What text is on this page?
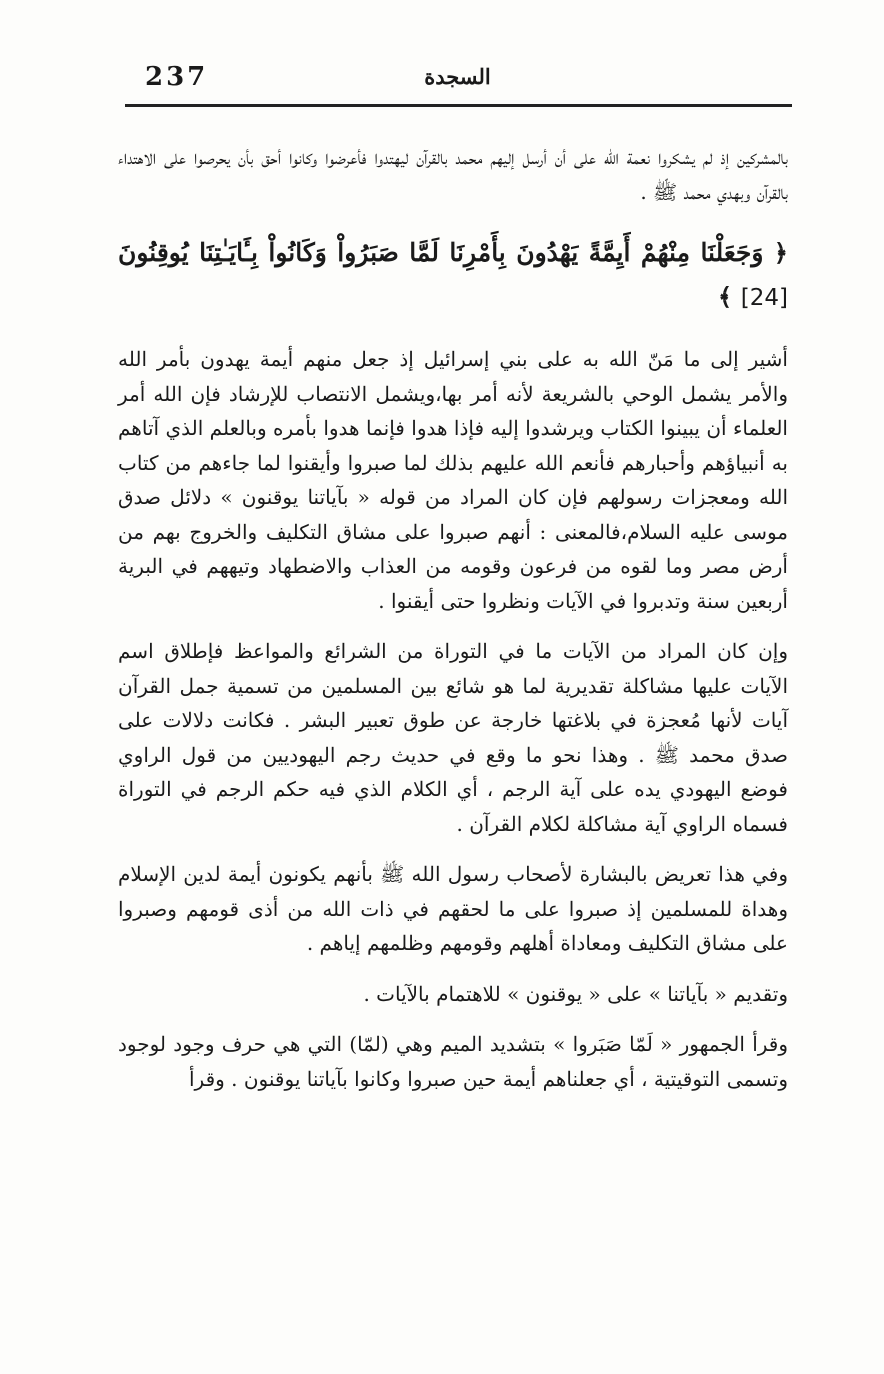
237	السجدة

بالمشركين إذ لم يشكروا نعمة الله على أن أرسل إليهم محمد بالقرآن ليهتدوا فأعرضوا وكانوا أحق بأن يحرصوا على الاهتداء بالقرآن وبهدي محمد ﷺ .

﴿ وَجَعَلْنَا مِنْهُمْ أَيِمَّةً يَهْدُونَ بِأَمْرِنَا لَمَّا صَبَرُواْ وَكَانُواْ بِـَٔايَـٰتِنَا يُوقِنُونَ [24] ﴾

أشير إلى ما مَنّ الله به على بني إسرائيل إذ جعل منهم أيمة يهدون بأمر الله والأمر يشمل الوحي بالشريعة لأنه أمر بها،ويشمل الانتصاب للإرشاد فإن الله أمر العلماء أن يبينوا الكتاب ويرشدوا إليه فإذا هدوا فإنما هدوا بأمره وبالعلم الذي آتاهم به أنبياؤهم وأحبارهم فأنعم الله عليهم بذلك لما صبروا وأيقنوا لما جاءهم من كتاب الله ومعجزات رسولهم فإن كان المراد من قوله « بآياتنا يوقنون » دلائل صدق موسى عليه السلام،فالمعنى : أنهم صبروا على مشاق التكليف والخروج بهم من أرض مصر وما لقوه من فرعون وقومه من العذاب والاضطهاد وتيههم في البرية أربعين سنة وتدبروا في الآيات ونظروا حتى أيقنوا .

وإن كان المراد من الآيات ما في التوراة من الشرائع والمواعظ فإطلاق اسم الآيات عليها مشاكلة تقديرية لما هو شائع بين المسلمين من تسمية جمل القرآن آيات لأنها مُعجزة في بلاغتها خارجة عن طوق تعبير البشر . فكانت دلالات على صدق محمد ﷺ . وهذا نحو ما وقع في حديث رجم اليهوديين من قول الراوي فوضع اليهودي يده على آية الرجم ، أي الكلام الذي فيه حكم الرجم في التوراة فسماه الراوي آية مشاكلة لكلام القرآن .

وفي هذا تعريض بالبشارة لأصحاب رسول الله ﷺ بأنهم يكونون أيمة لدين الإسلام وهداة للمسلمين إذ صبروا على ما لحقهم في ذات الله من أذى قومهم وصبروا على مشاق التكليف ومعاداة أهلهم وقومهم وظلمهم إياهم .

وتقديم « بآياتنا » على « يوقنون » للاهتمام بالآيات .

وقرأ الجمهور « لَمّا صَبَروا » بتشديد الميم وهي (لمّا) التي هي حرف وجود لوجود وتسمى التوقيتية ، أي جعلناهم أيمة حين صبروا وكانوا بآياتنا يوقنون . وقرأ
